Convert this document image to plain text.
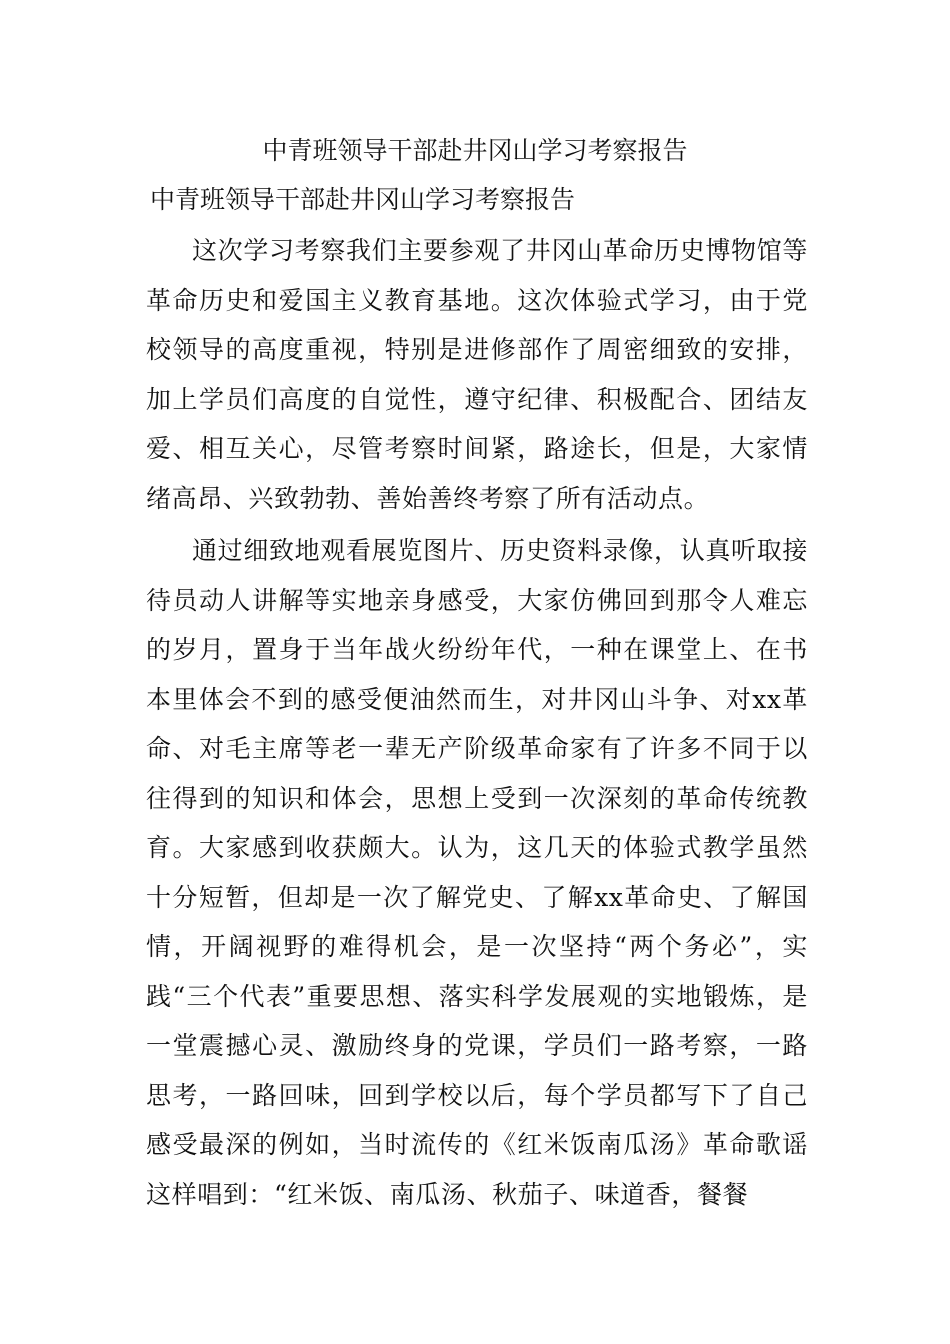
中青班领导干部赴井冈山学习考察报告
中青班领导干部赴井冈山学习考察报告

这次学习考察我们主要参观了井冈山革命历史博物馆等革命历史和爱国主义教育基地。这次体验式学习，由于党校领导的高度重视，特别是进修部作了周密细致的安排，加上学员们高度的自觉性，遵守纪律、积极配合、团结友爱、相互关心，尽管考察时间紧，路途长，但是，大家情绪高昂、兴致勃勃、善始善终考察了所有活动点。

通过细致地观看展览图片、历史资料录像，认真听取接待员动人讲解等实地亲身感受，大家仿佛回到那令人难忘的岁月，置身于当年战火纷纷年代，一种在课堂上、在书本里体会不到的感受便油然而生，对井冈山斗争、对xx革命、对毛主席等老一辈无产阶级革命家有了许多不同于以往得到的知识和体会，思想上受到一次深刻的革命传统教育。大家感到收获颇大。认为，这几天的体验式教学虽然十分短暂，但却是一次了解党史、了解xx革命史、了解国情，开阔视野的难得机会，是一次坚持“两个务必”，实践“三个代表”重要思想、落实科学发展观的实地锻炼，是一堂震撼心灵、激励终身的党课，学员们一路考察，一路思考，一路回味，回到学校以后，每个学员都写下了自己感受最深的例如，当时流传的《红米饭南瓜汤》革命歌谣这样唱到：“红米饭、南瓜汤、秋茄子、味道香，餐餐
